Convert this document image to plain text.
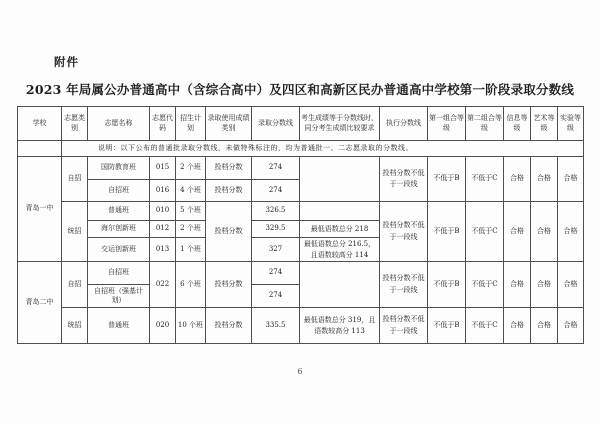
附件
2023 年局属公办普通高中（含综合高中）及四区和高新区民办普通高中学校第一阶段录取分数线
学校	志愿类别	志愿名称	志愿代码	招生计划	录取使用成绩类别	录取分数线	考生成绩等于分数线时，同分考生成绩比较要求	执行分数线	第一组合等级	第二组合等级	信息等级	艺术等级	实验等级
	说明：以下公布的普通批录取分数线，未做特殊标注的，均为普通批一、二志愿录取的分数线。												
青岛一中	自招	国防教育班	015	2 个班	投档分数	274		投档分数不低于一段线	不低于B	不低于C	合格	合格	合格
		自招班	016	4 个班	投档分数	274							
	统招	普通班	010	5 个班	投档分数	326.5		投档分数不低于一段线	不低于B	不低于C	合格	合格	合格
		海尔创新班	012	2 个班		329.5	最低语数总分 218						
		交运创新班	013	1 个班		327	最低语数总分 216.5，且语数较高分 114						
青岛二中	自招	自招班	022	6 个班	投档分数	274		投档分数不低于一段线	不低于B	不低于C	合格	合格	合格
		自招班（强基计划）				274							
	统招	普通班	020	10 个班	投档分数	335.5	最低语数总分 319，且语数较高分 113	投档分数不低于一段线	不低于B	不低于C	合格	合格	合格
6
